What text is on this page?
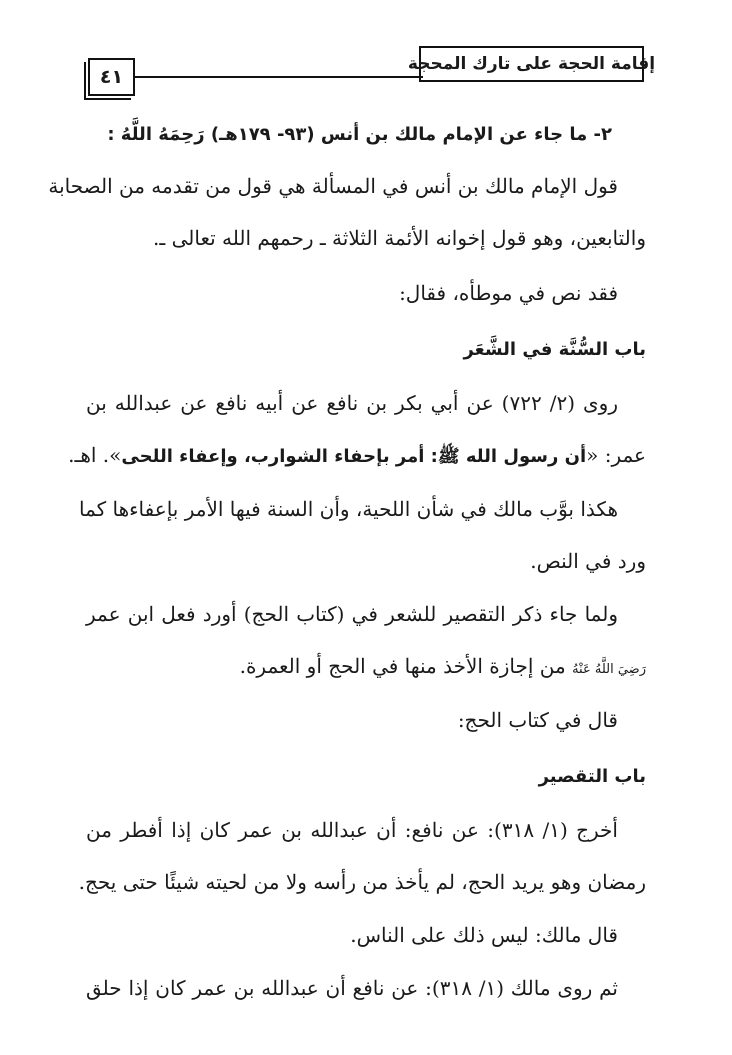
إقامة الحجة على تارك المحجة
٤١
٢- ما جاء عن الإمام مالك بن أنس (٩٣- ١٧٩هـ) رَحِمَهُ اللَّهُ :
قول الإمام مالك بن أنس في المسألة هي قول من تقدمه من الصحابة
والتابعين، وهو قول إخوانه الأئمة الثلاثة ـ رحمهم الله تعالى ـ.
فقد نص في موطأه، فقال:
باب السُّنَّة في الشَّعَر
روى (٢/ ٧٢٢) عن أبي بكر بن نافع عن أبيه نافع عن عبدالله بن
عمر: «أن رسول الله ﷺ: أمر بإحفاء الشوارب، وإعفاء اللحى». اهـ.
هكذا بوَّب مالك في شأن اللحية، وأن السنة فيها الأمر بإعفاءها كما
ورد في النص.
ولما جاء ذكر التقصير للشعر في (كتاب الحج) أورد فعل ابن عمر
رَضِيَ اللَّهُ عَنْهُ من إجازة الأخذ منها في الحج أو العمرة.
قال في كتاب الحج:
باب التقصير
أخرج (١/ ٣١٨): عن نافع: أن عبدالله بن عمر كان إذا أفطر من
رمضان وهو يريد الحج، لم يأخذ من رأسه ولا من لحيته شيئًا حتى يحج.
قال مالك: ليس ذلك على الناس.
ثم روى مالك (١/ ٣١٨): عن نافع أن عبدالله بن عمر كان إذا حلق
